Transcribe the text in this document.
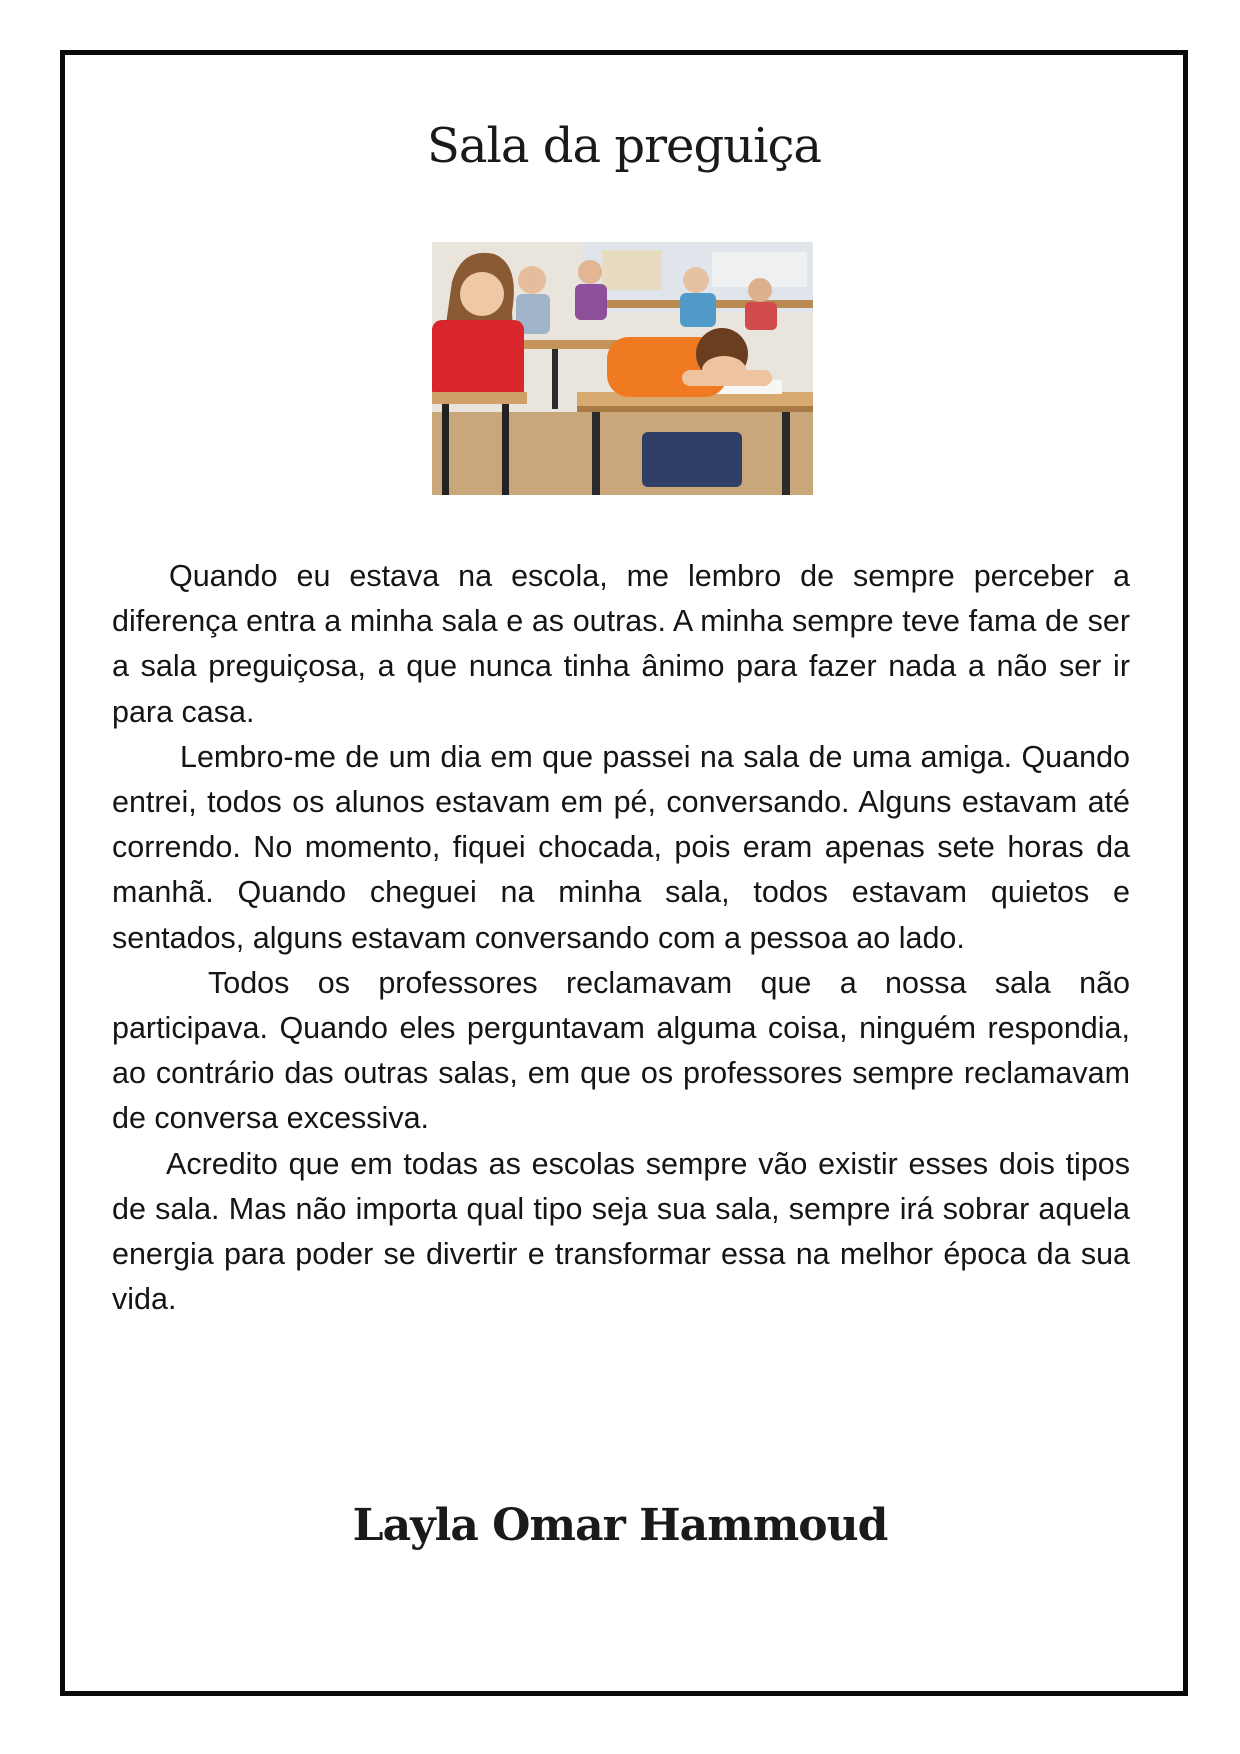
Sala da preguiça

Quando eu estava na escola, me lembro de sempre perceber a diferença entra a minha sala e as outras. A minha sempre teve fama de ser a sala preguiçosa, a que nunca tinha ânimo para fazer nada a não ser ir para casa.

Lembro-me de um dia em que passei na sala de uma amiga. Quando entrei, todos os alunos estavam em pé, conversando. Alguns estavam até correndo. No momento, fiquei chocada, pois eram apenas sete horas da manhã. Quando cheguei na minha sala, todos estavam quietos e sentados, alguns estavam conversando com a pessoa ao lado.

Todos os professores reclamavam que a nossa sala não participava. Quando eles perguntavam alguma coisa, ninguém respondia, ao contrário das outras salas, em que os professores sempre reclamavam de conversa excessiva.

Acredito que em todas as escolas sempre vão existir esses dois tipos de sala. Mas não importa qual tipo seja sua sala, sempre irá sobrar aquela energia para poder se divertir e transformar essa na melhor época da sua vida.

Layla Omar Hammoud
